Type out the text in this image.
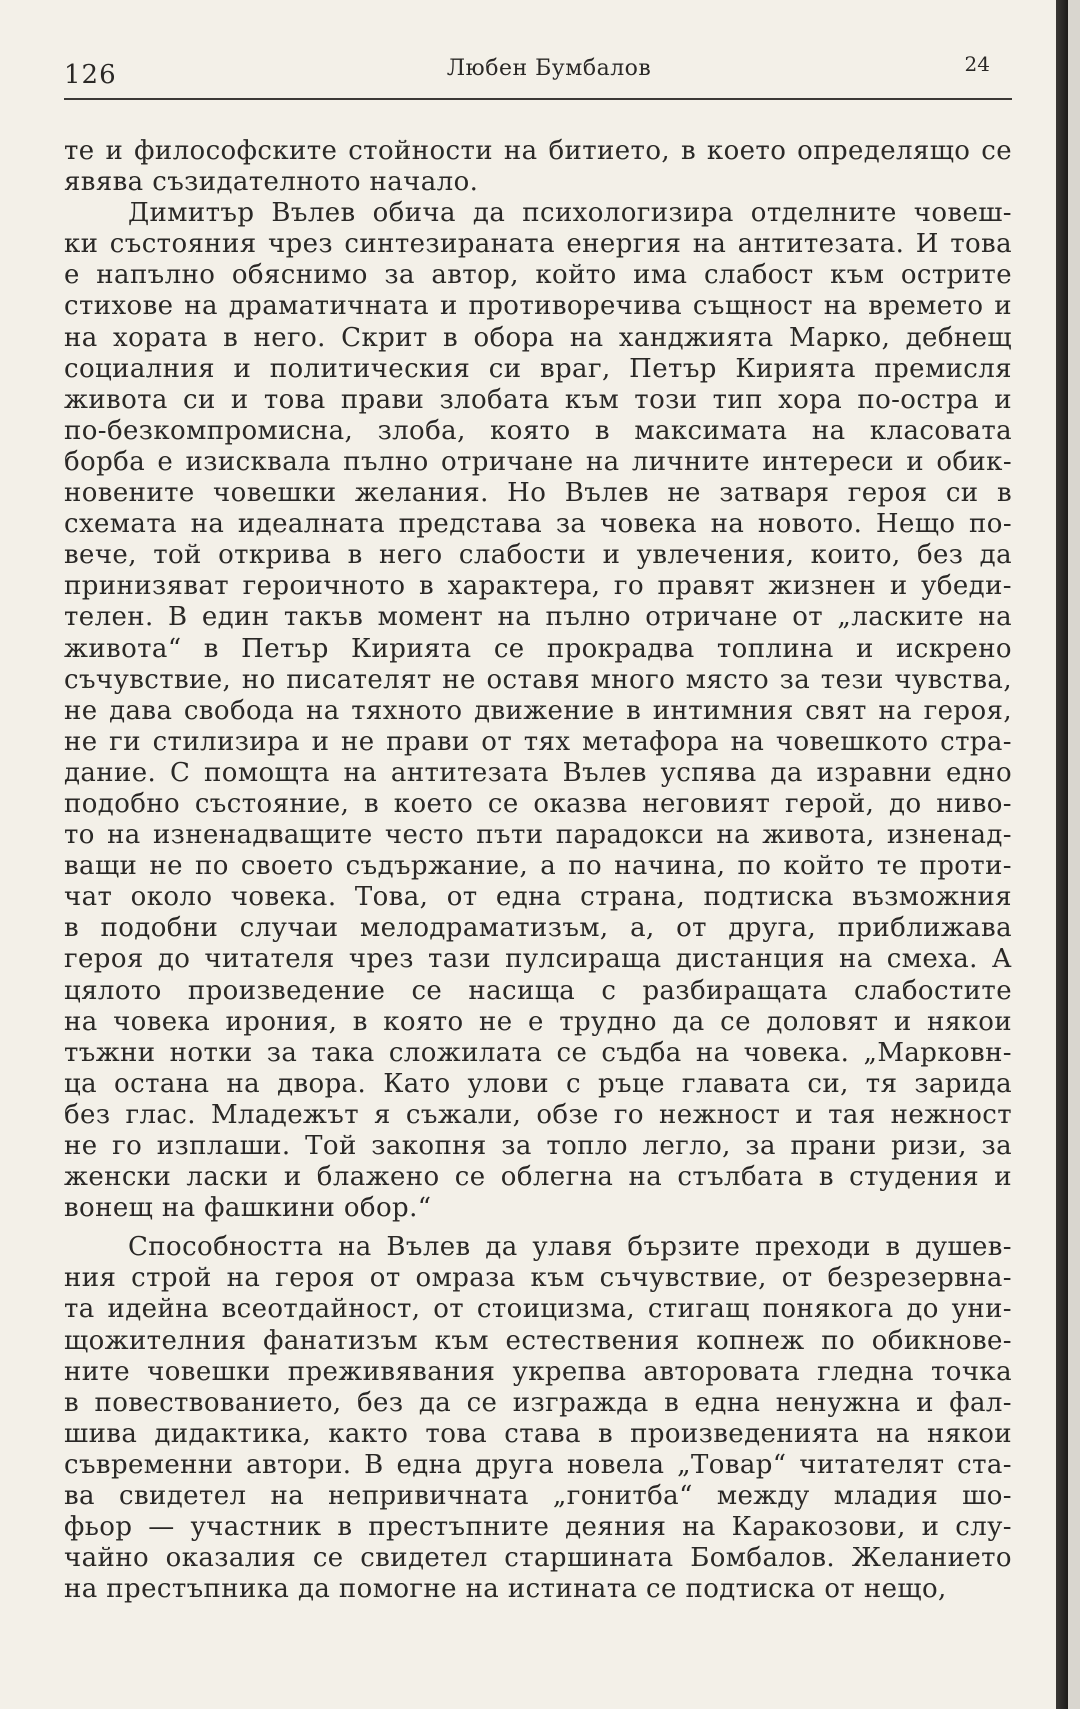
126	Любен Бумбалов	24
те и философските стойности на битието, в което определящо се
явява съзидателното начало.
Димитър Вълев обича да психологизира отделните човеш-
ки състояния чрез синтезираната енергия на антитезата. И това
е напълно обяснимо за автор, който има слабост към острите
стихове на драматичната и противоречива същност на времето и
на хората в него. Скрит в обора на ханджията Марко, дебнещ
социалния и политическия си враг, Петър Кирията премисля
живота си и това прави злобата към този тип хора по-остра и
по-безкомпромисна, злоба, която в максимата на класовата
борба е изисквала пълно отричане на личните интереси и обик-
новените човешки желания. Но Вълев не затваря героя си в
схемата на идеалната представа за човека на новото. Нещо по-
вече, той открива в него слабости и увлечения, които, без да
принизяват героичното в характера, го правят жизнен и убеди-
телен. В един такъв момент на пълно отричане от „ласките на
живота“ в Петър Кирията се прокрадва топлина и искрено
съчувствие, но писателят не оставя много място за тези чувства,
не дава свобода на тяхното движение в интимния свят на героя,
не ги стилизира и не прави от тях метафора на човешкото стра-
дание. С помощта на антитезата Вълев успява да изравни едно
подобно състояние, в което се оказва неговият герой, до ниво-
то на изненадващите често пъти парадокси на живота, изненад-
ващи не по своето съдържание, а по начина, по който те проти-
чат около човека. Това, от една страна, подтиска възможния
в подобни случаи мелодраматизъм, а, от друга, приближава
героя до читателя чрез тази пулсираща дистанция на смеха. А
цялото произведение се насища с разбиращата слабостите
на човека ирония, в която не е трудно да се доловят и някои
тъжни нотки за така сложилата се съдба на човека. „Марковн-
ца остана на двора. Като улови с ръце главата си, тя зарида
без глас. Младежът я съжали, обзе го нежност и тая нежност
не го изплаши. Той закопня за топло легло, за прани ризи, за
женски ласки и блажено се облегна на стълбата в студения и
вонещ на фашкини обор.“
Способността на Вълев да улавя бързите преходи в душев-
ния строй на героя от омраза към съчувствие, от безрезервна-
та идейна всеотдайност, от стоицизма, стигащ понякога до уни-
щожителния фанатизъм към естествения копнеж по обикнове-
ните човешки преживявания укрепва авторовата гледна точка
в повествованието, без да се изгражда в една ненужна и фал-
шива дидактика, както това става в произведенията на някои
съвременни автори. В една друга новела „Товар“ читателят ста-
ва свидетел на непривичната „гонитба“ между младия шо-
фьор — участник в престъпните деяния на Каракозови, и слу-
чайно оказалия се свидетел старшината Бомбалов. Желанието
на престъпника да помогне на истината се подтиска от нещо,
